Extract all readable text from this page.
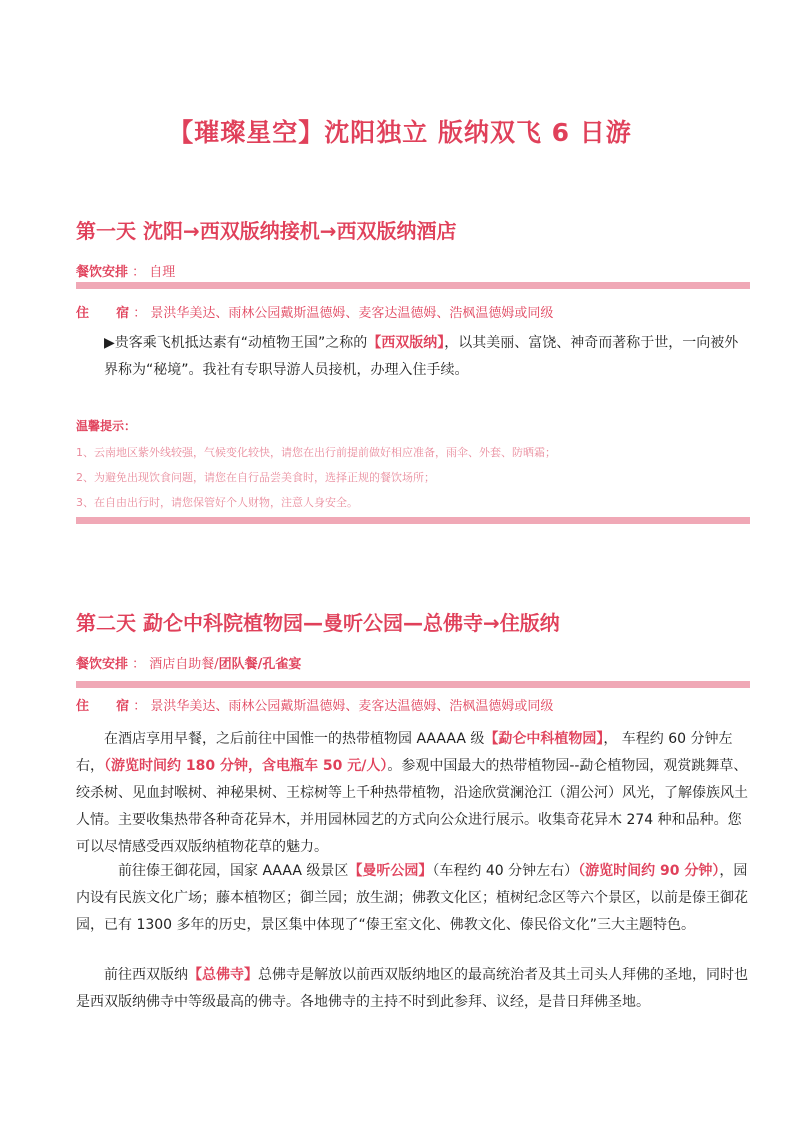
【璀璨星空】沈阳独立 版纳双飞 6 日游
第一天 沈阳→西双版纳接机→西双版纳酒店
餐饮安排 ： 自理
住      宿 ： 景洪华美达、雨林公园戴斯温德姆、麦客达温德姆、浩枫温德姆或同级
▶贵客乘飞机抵达素有“动植物王国”之称的【西双版纳】，以其美丽、富饶、神奇而著称于世，一向被外界称为“秘境”。我社有专职导游人员接机，办理入住手续。
温馨提示：
1、云南地区紫外线较强，气候变化较快，请您在出行前提前做好相应准备，雨伞、外套、防晒霜；
2、为避免出现饮食问题，请您在自行品尝美食时，选择正规的餐饮场所；
3、在自由出行时，请您保管好个人财物，注意人身安全。
第二天 勐仑中科院植物园—曼听公园—总佛寺→住版纳
餐饮安排 ： 酒店自助餐/团队餐/孔雀宴
住      宿 ： 景洪华美达、雨林公园戴斯温德姆、麦客达温德姆、浩枫温德姆或同级
在酒店享用早餐，之后前往中国惟一的热带植物园 AAAAA 级【勐仑中科植物园】， 车程约 60 分钟左右，（游览时间约 180 分钟，含电瓶车 50 元/人）。参观中国最大的热带植物园--勐仑植物园，观赏跳舞草、绞杀树、见血封喉树、神秘果树、王棕树等上千种热带植物，沿途欣赏澜沧江（湄公河）风光，了解傣族风土人情。主要收集热带各种奇花异木，并用园林园艺的方式向公众进行展示。收集奇花异木 274 种和品种。您可以尽情感受西双版纳植物花草的魅力。
前往傣王御花园，国家 AAAA 级景区【曼听公园】（车程约 40 分钟左右）（游览时间约 90 分钟），园内设有民族文化广场；藤本植物区；御兰园；放生湖；佛教文化区；植树纪念区等六个景区，以前是傣王御花园，已有 1300 多年的历史，景区集中体现了“傣王室文化、佛教文化、傣民俗文化”三大主题特色。
前往西双版纳【总佛寺】总佛寺是解放以前西双版纳地区的最高统治者及其土司头人拜佛的圣地，同时也是西双版纳佛寺中等级最高的佛寺。各地佛寺的主持不时到此参拜、议经，是昔日拜佛圣地。
